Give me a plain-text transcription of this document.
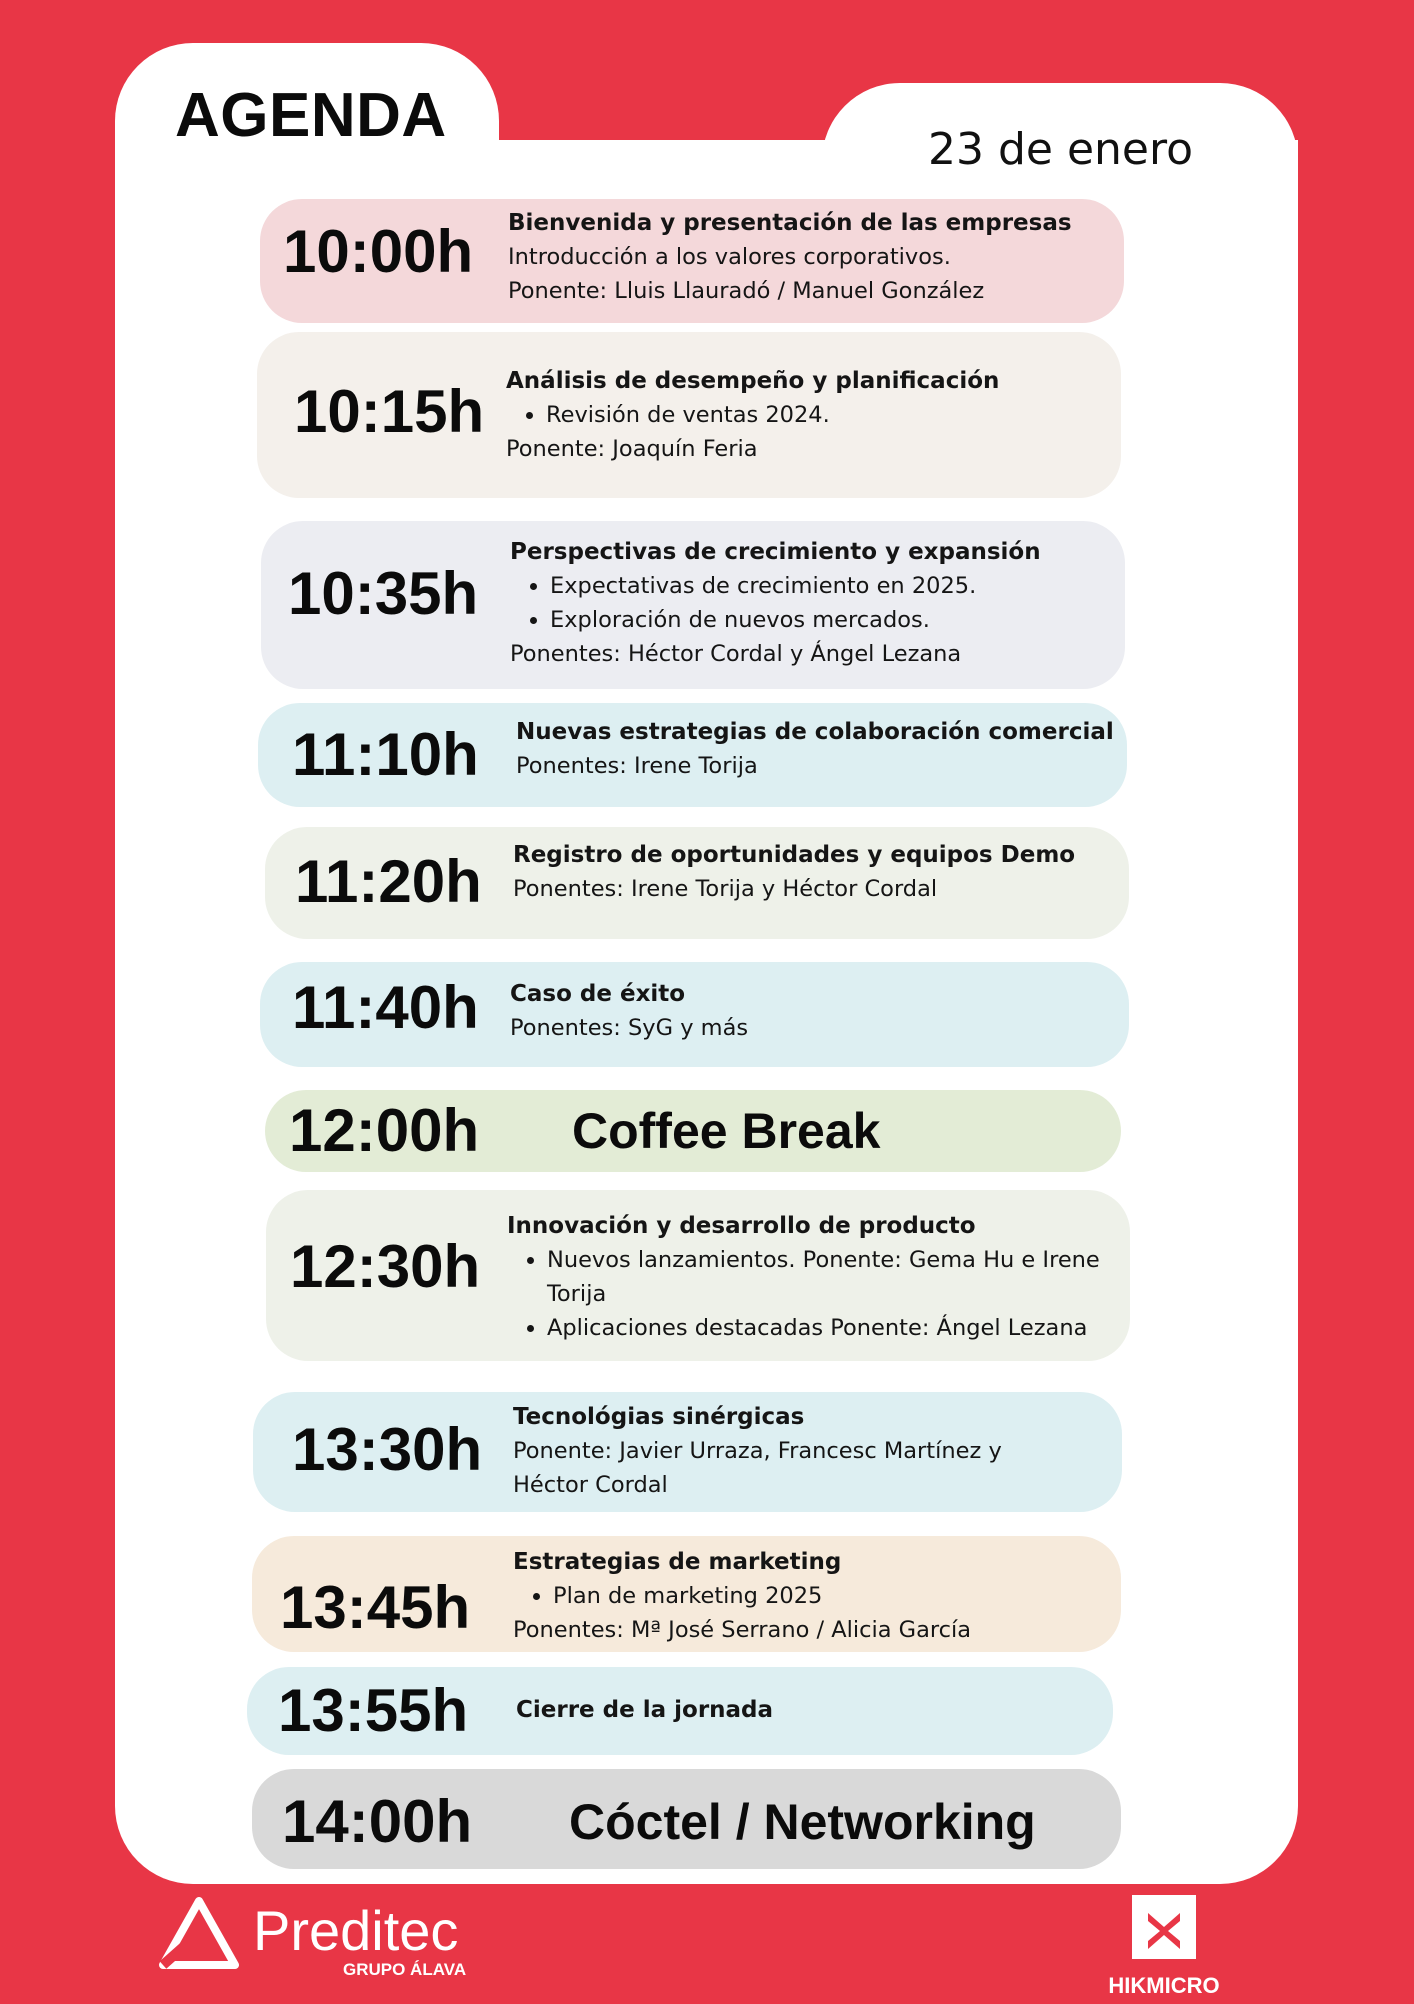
AGENDA	23 de enero
10:00h Bienvenida y presentación de las empresas
Introducción a los valores corporativos.
Ponente: Lluis Llauradó / Manuel González
10:15h Análisis de desempeño y planificación
• Revisión de ventas 2024.
Ponente: Joaquín Feria
10:35h
Perspectivas de crecimiento y expansión
• Expectativas de crecimiento en 2025.
• Exploración de nuevos mercados.
Ponentes: Héctor Cordal y Ángel Lezana
11:10h Nuevas estrategias de colaboración comercial
Ponentes: Irene Torija
11:20h Registro de oportunidades y equipos Demo
Ponentes: Irene Torija y Héctor Cordal
11:40h Caso de éxito
Ponentes: SyG y más
12:00h Coffee Break
12:30h
Innovación y desarrollo de producto
• Nuevos lanzamientos. Ponente: Gema Hu e Irene Torija
• Aplicaciones destacadas Ponente: Ángel Lezana
13:30h Tecnológias sinérgicas
Ponente: Javier Urraza, Francesc Martínez y Héctor Cordal
13:45h
Estrategias de marketing
• Plan de marketing 2025
Ponentes: Mª José Serrano / Alicia García
13:55h Cierre de la jornada
14:00h Cóctel / Networking
Preditec
GRUPO ÁLAVA
HIKMICRO
